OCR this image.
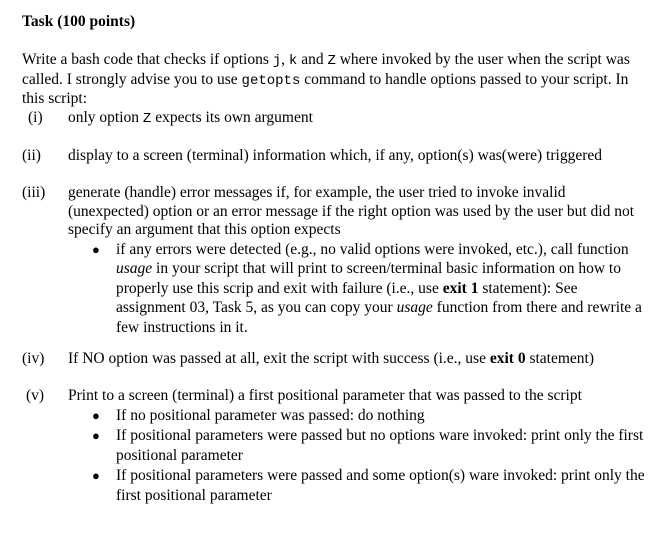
Task (100 points)
Write a bash code that checks if options j, k and Z where invoked by the user when the script was called. I strongly advise you to use getopts command to handle options passed to your script. In this script:
(i)	only option Z expects its own argument
(ii)	display to a screen (terminal) information which, if any, option(s) was(were) triggered
(iii)	generate (handle) error messages if, for example, the user tried to invoke invalid (unexpected) option or an error message if the right option was used by the user but did not specify an argument that this option expects
● if any errors were detected (e.g., no valid options were invoked, etc.), call function usage in your script that will print to screen/terminal basic information on how to properly use this scrip and exit with failure (i.e., use exit 1 statement): See assignment 03, Task 5, as you can copy your usage function from there and rewrite a few instructions in it.
(iv)	If NO option was passed at all, exit the script with success (i.e., use exit 0 statement)
(v)	Print to a screen (terminal) a first positional parameter that was passed to the script
● If no positional parameter was passed: do nothing
● If positional parameters were passed but no options ware invoked: print only the first positional parameter
● If positional parameters were passed and some option(s) ware invoked: print only the first positional parameter
